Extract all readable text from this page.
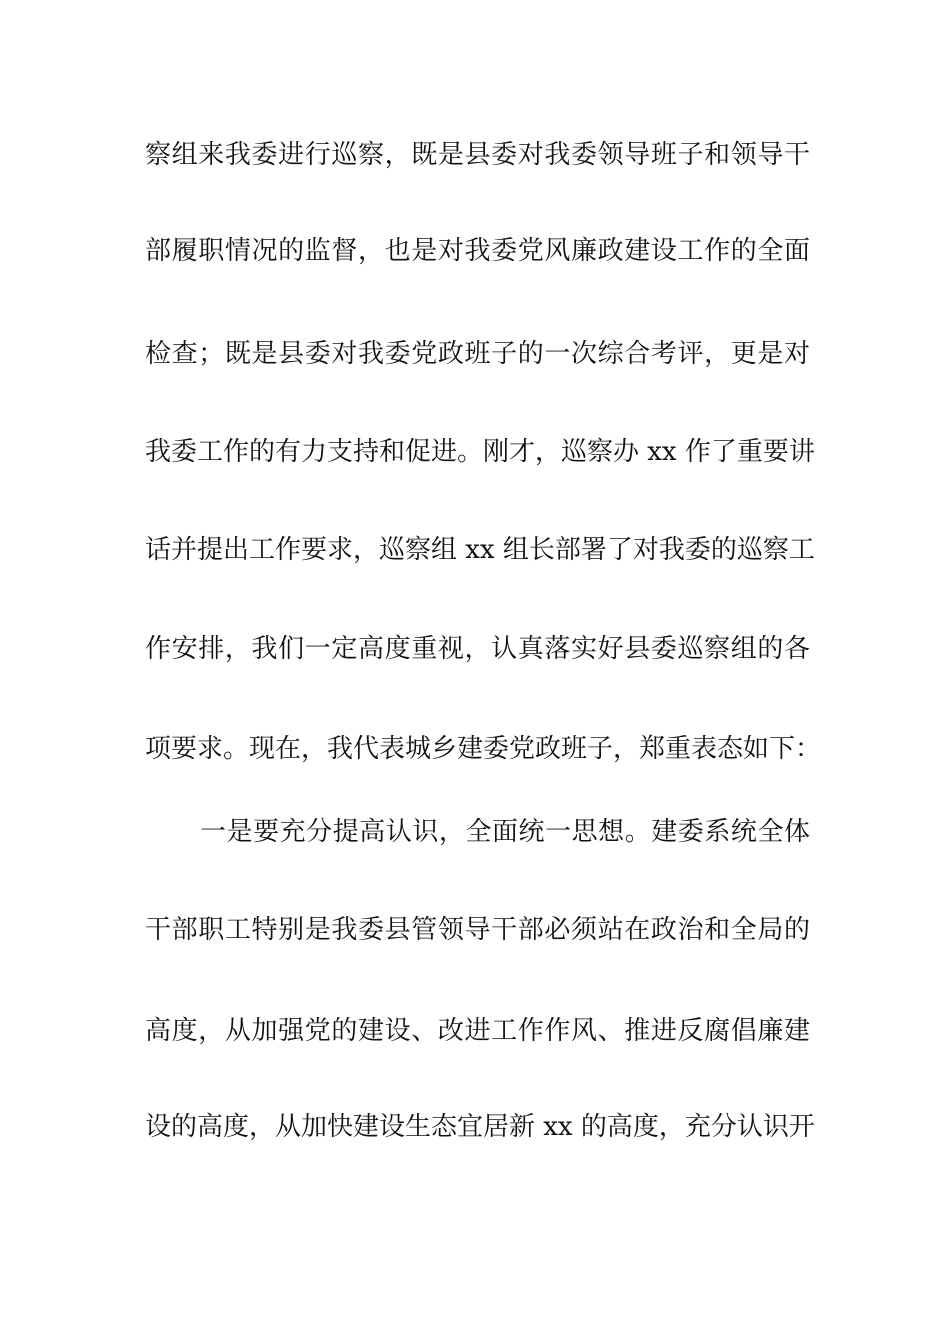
察组来我委进行巡察，既是县委对我委领导班子和领导干
部履职情况的监督，也是对我委党风廉政建设工作的全面
检查；既是县委对我委党政班子的一次综合考评，更是对
我委工作的有力支持和促进。刚才，巡察办 xx 作了重要讲
话并提出工作要求，巡察组 xx 组长部署了对我委的巡察工
作安排，我们一定高度重视，认真落实好县委巡察组的各
项要求。现在，我代表城乡建委党政班子，郑重表态如下：
一是要充分提高认识，全面统一思想。建委系统全体
干部职工特别是我委县管领导干部必须站在政治和全局的
高度，从加强党的建设、改进工作作风、推进反腐倡廉建
设的高度，从加快建设生态宜居新 xx 的高度，充分认识开
